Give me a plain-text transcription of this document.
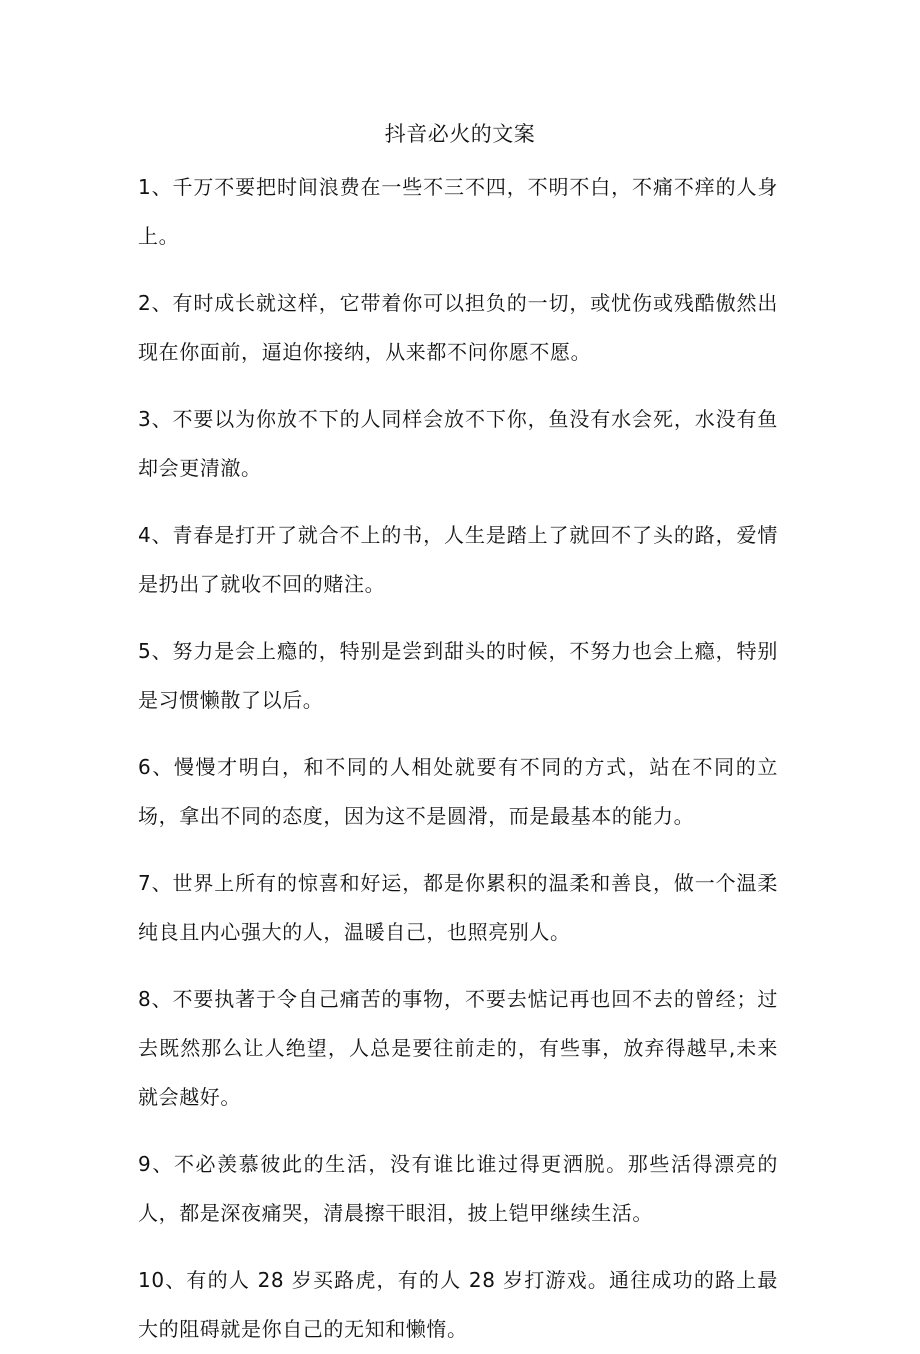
抖音必火的文案

1、千万不要把时间浪费在一些不三不四，不明不白，不痛不痒的人身上。

2、有时成长就这样，它带着你可以担负的一切，或忧伤或残酷傲然出现在你面前，逼迫你接纳，从来都不问你愿不愿。

3、不要以为你放不下的人同样会放不下你，鱼没有水会死，水没有鱼却会更清澈。

4、青春是打开了就合不上的书，人生是踏上了就回不了头的路，爱情是扔出了就收不回的赌注。

5、努力是会上瘾的，特别是尝到甜头的时候，不努力也会上瘾，特别是习惯懒散了以后。

6、慢慢才明白，和不同的人相处就要有不同的方式，站在不同的立场，拿出不同的态度，因为这不是圆滑，而是最基本的能力。

7、世界上所有的惊喜和好运，都是你累积的温柔和善良，做一个温柔纯良且内心强大的人，温暖自己，也照亮别人。

8、不要执著于令自己痛苦的事物，不要去惦记再也回不去的曾经；过去既然那么让人绝望，人总是要往前走的，有些事，放弃得越早,未来就会越好。

9、不必羡慕彼此的生活，没有谁比谁过得更洒脱。那些活得漂亮的人，都是深夜痛哭，清晨擦干眼泪，披上铠甲继续生活。

10、有的人 28 岁买路虎，有的人 28 岁打游戏。通往成功的路上最大的阻碍就是你自己的无知和懒惰。
